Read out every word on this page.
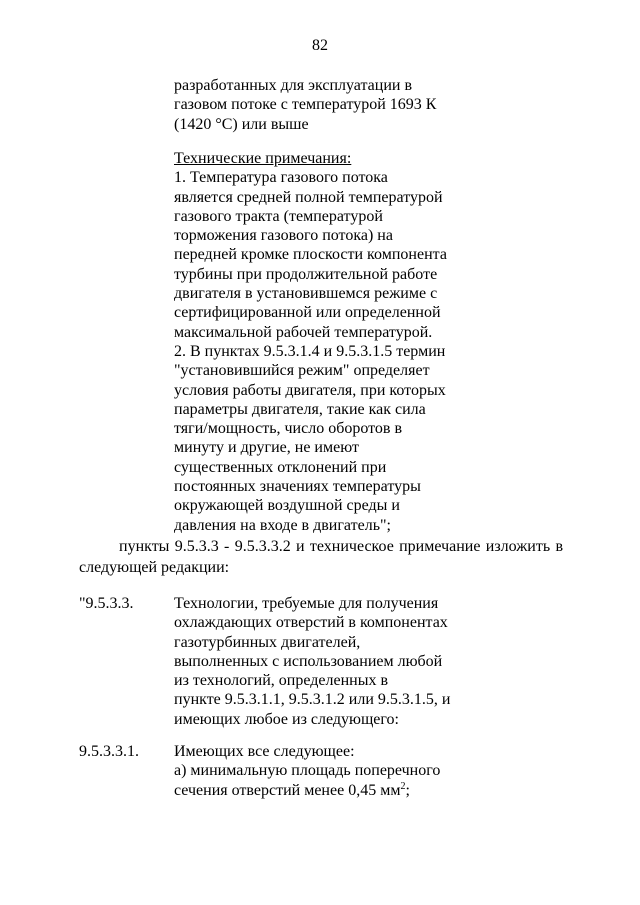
82
разработанных для эксплуатации в
газовом потоке с температурой 1693 К
(1420 °С) или выше
Технические примечания:
1. Температура газового потока
является средней полной температурой
газового тракта (температурой
торможения газового потока) на
передней кромке плоскости компонента
турбины при продолжительной работе
двигателя в установившемся режиме с
сертифицированной или определенной
максимальной рабочей температурой.
2. В пунктах 9.5.3.1.4 и 9.5.3.1.5 термин
"установившийся режим" определяет
условия работы двигателя, при которых
параметры двигателя, такие как сила
тяги/мощность, число оборотов в
минуту и другие, не имеют
существенных отклонений при
постоянных значениях температуры
окружающей воздушной среды и
давления на входе в двигатель";
пункты 9.5.3.3 - 9.5.3.3.2 и техническое примечание изложить в
следующей редакции:
"9.5.3.3.	Технологии, требуемые для получения
охлаждающих отверстий в компонентах
газотурбинных двигателей,
выполненных с использованием любой
из технологий, определенных в
пункте 9.5.3.1.1, 9.5.3.1.2 или 9.5.3.1.5, и
имеющих любое из следующего:
9.5.3.3.1. Имеющих все следующее:
а) минимальную площадь поперечного
сечения отверстий менее 0,45 $мм^2$;
